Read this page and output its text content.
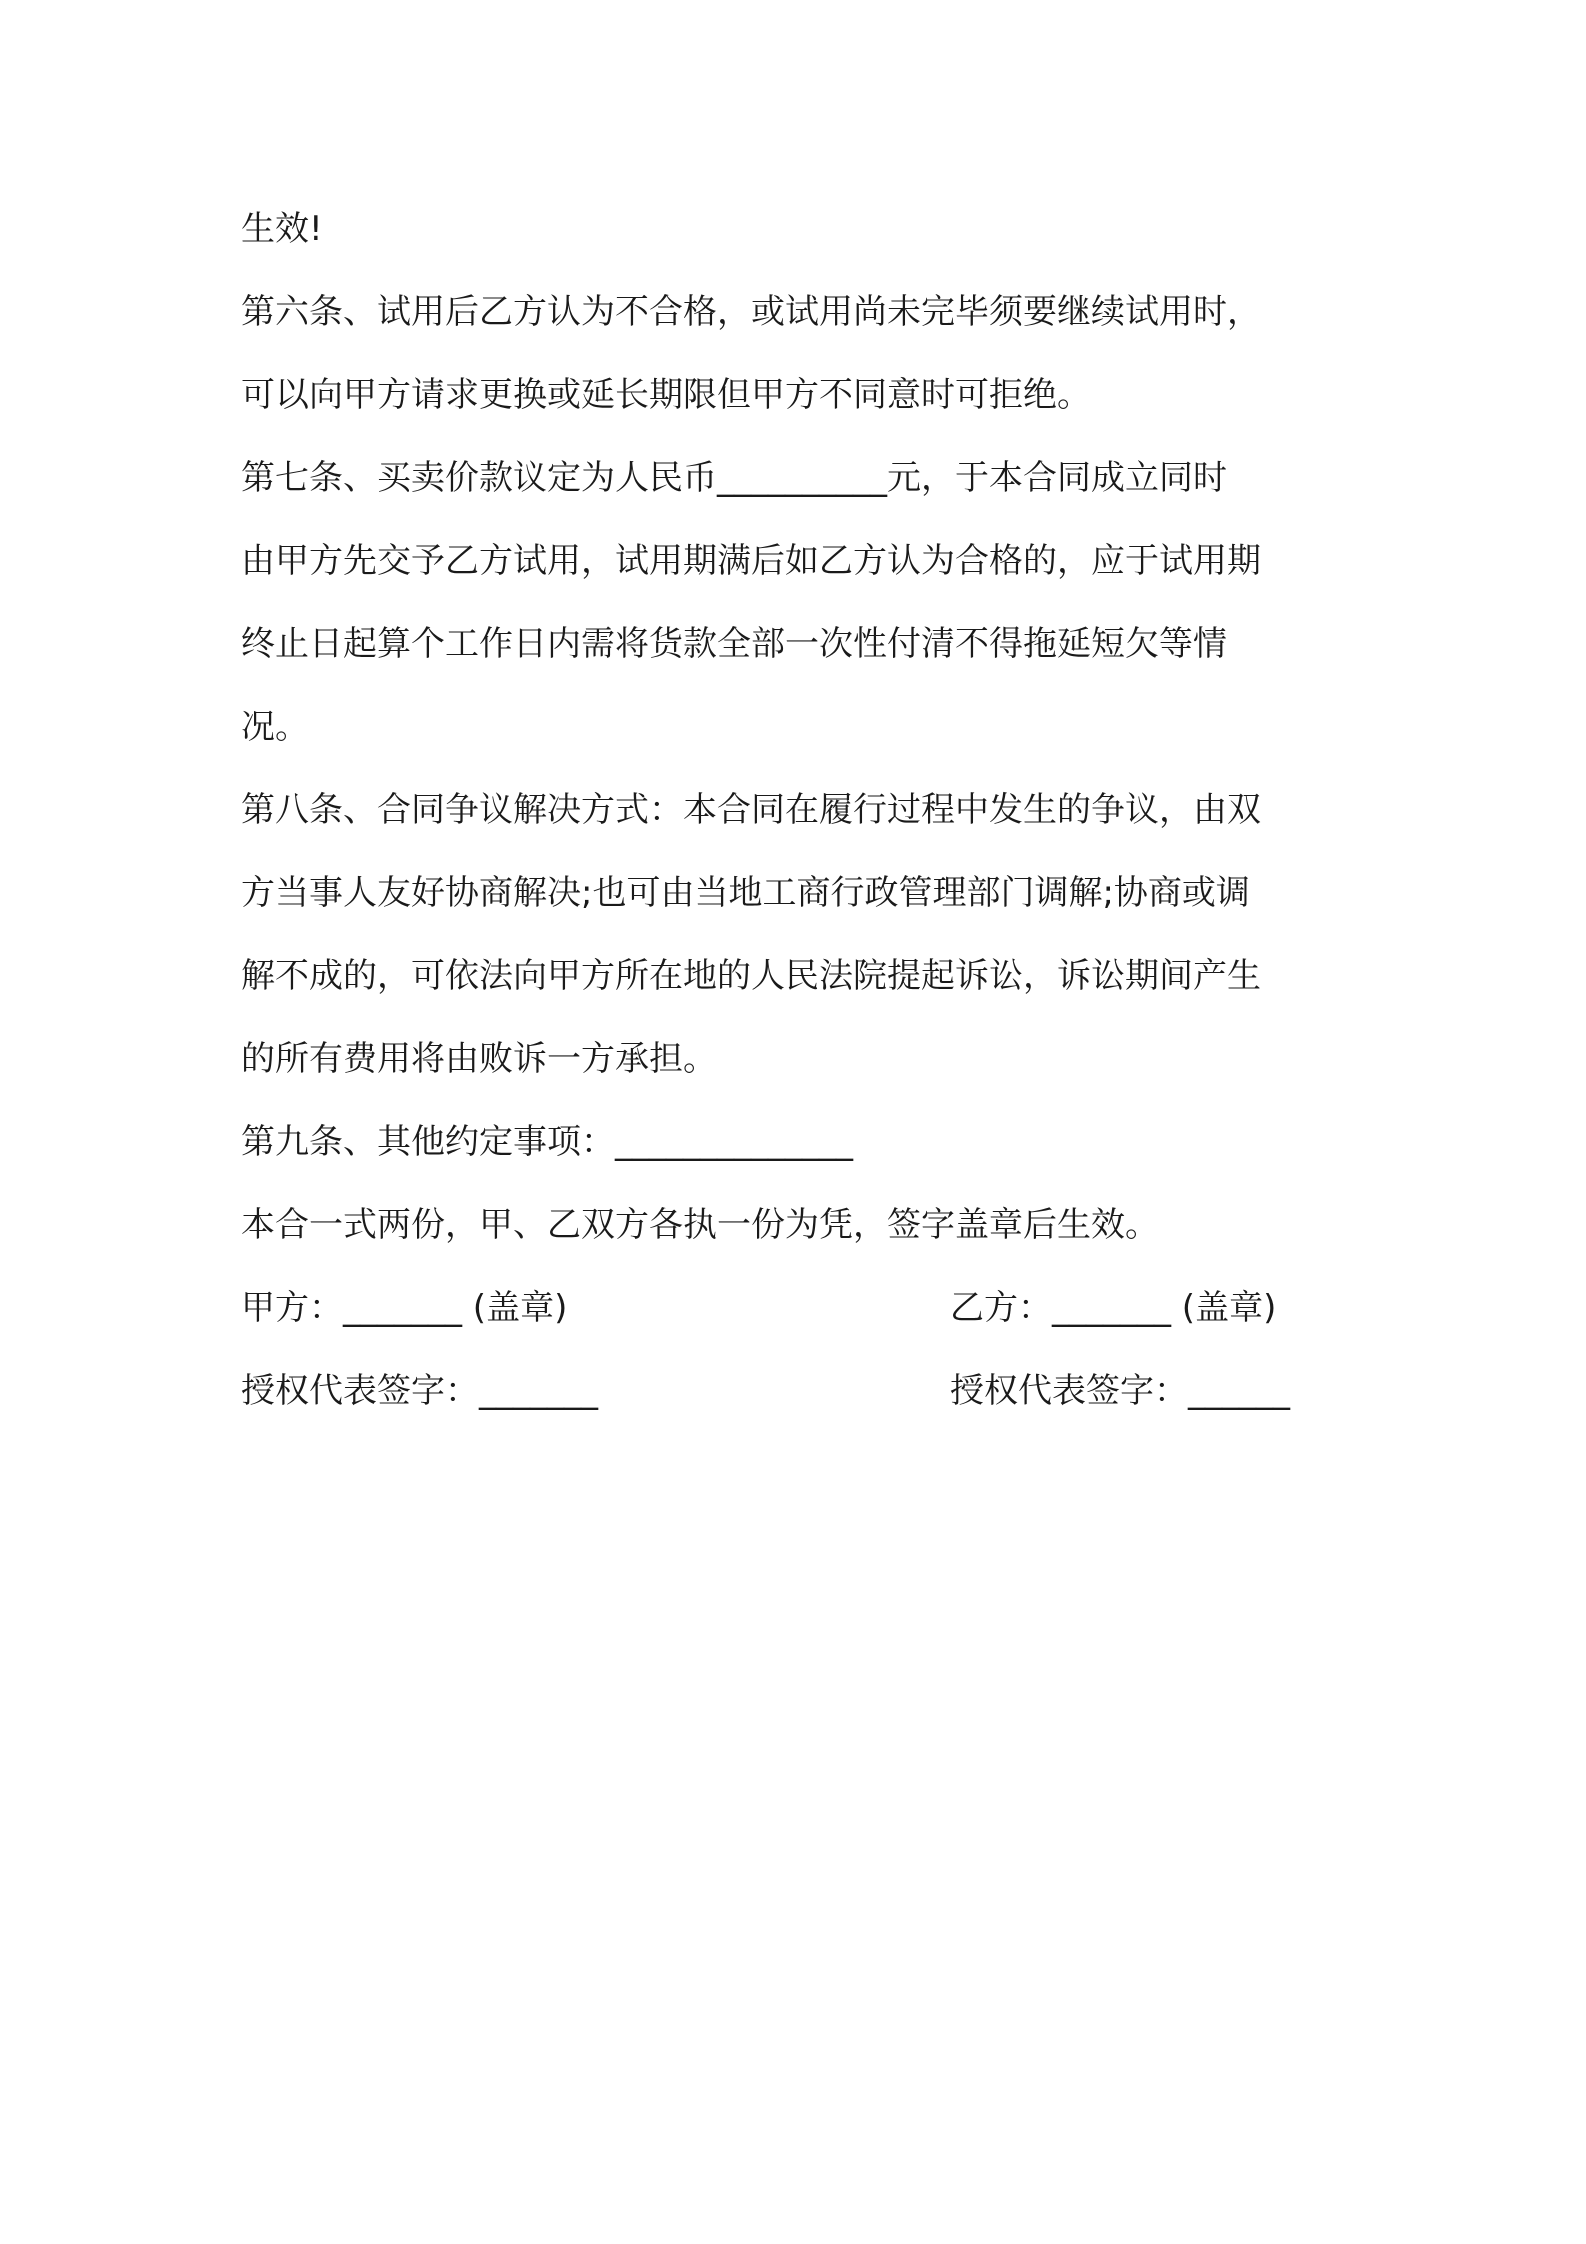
生效!
第六条、试用后乙方认为不合格，或试用尚未完毕须要继续试用时，
可以向甲方请求更换或延长期限但甲方不同意时可拒绝。
第七条、买卖价款议定为人民币__________元，于本合同成立同时
由甲方先交予乙方试用，试用期满后如乙方认为合格的，应于试用期
终止日起算个工作日内需将货款全部一次性付清不得拖延短欠等情
况。
第八条、合同争议解决方式：本合同在履行过程中发生的争议，由双
方当事人友好协商解决;也可由当地工商行政管理部门调解;协商或调
解不成的，可依法向甲方所在地的人民法院提起诉讼，诉讼期间产生
的所有费用将由败诉一方承担。
第九条、其他约定事项：______________
本合一式两份，甲、乙双方各执一份为凭，签字盖章后生效。
甲方：_______ (盖章)	乙方：_______ (盖章)
授权代表签字：_______	授权代表签字：______
